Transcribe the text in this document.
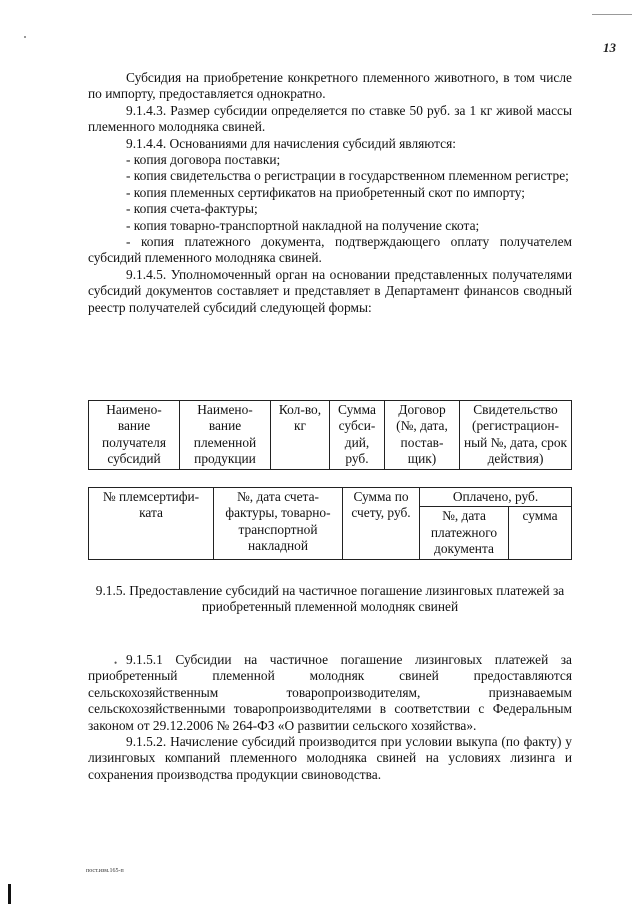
13

Субсидия на приобретение конкретного племенного животного, в том числе по импорту, предоставляется однократно.

9.1.4.3. Размер субсидии определяется по ставке 50 руб. за 1 кг живой массы племенного молодняка свиней.

9.1.4.4. Основаниями для начисления субсидий являются:

- копия договора поставки;

- копия свидетельства о регистрации в государственном племенном регистре;

- копия племенных сертификатов на приобретенный скот по импорту;

- копия счета-фактуры;

- копия товарно-транспортной накладной на получение скота;

- копия платежного документа, подтверждающего оплату получателем субсидий племенного молодняка свиней.

9.1.4.5. Уполномоченный орган на основании представленных получателями субсидий документов составляет и представляет в Департамент финансов сводный реестр получателей субсидий следующей формы:

Наимено-вание получателя субсидий	Наимено-вание племенной продукции	Кол-во, кг	Сумма субси-дий, руб.	Договор (№, дата, постав-щик)	Свидетельство (регистрацион-ный №, дата, срок действия)
№ племсертифи-ката	№, дата счета-фактуры, товарно-транспортной накладной	Сумма по счету, руб.	Оплачено, руб.	
			№, дата платежного документа	сумма
9.1.5. Предоставление субсидий на частичное погашение лизинговых платежей за приобретенный племенной молодняк свиней
• 9.1.5.1 Субсидии на частичное погашение лизинговых платежей за приобретенный племенной молодняк свиней предоставляются сельскохозяйственным товаропроизводителям, признаваемым сельскохозяйственными товаропроизводителями в соответствии с Федеральным законом от 29.12.2006 № 264-ФЗ «О развитии сельского хозяйства».

9.1.5.2. Начисление субсидий производится при условии выкупа (по факту) у лизинговых компаний племенного молодняка свиней на условиях лизинга и сохранения производства продукции свиноводства.

пост.изм.165-п
